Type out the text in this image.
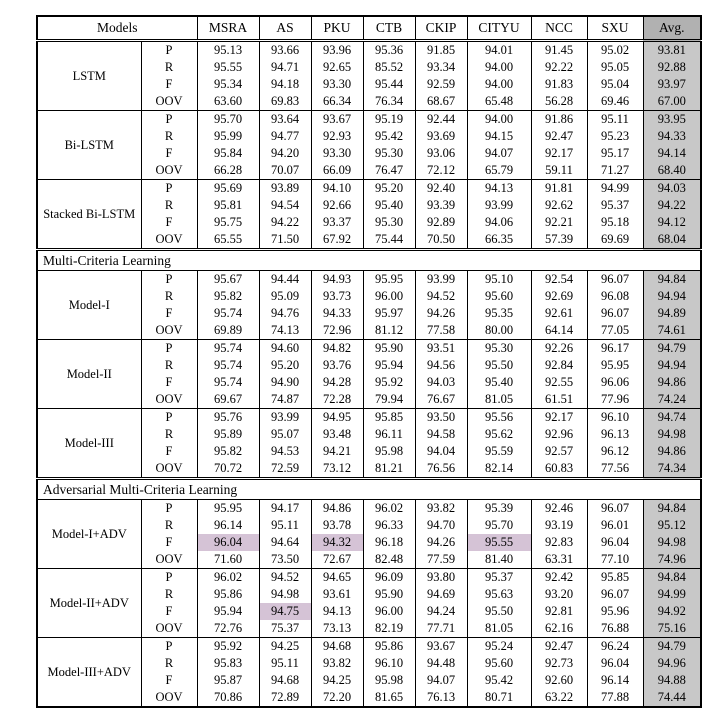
Models		MSRA	AS	PKU	CTB	CKIP	CITYU	NCC	SXU	Avg.
LSTM	P	95.13	93.66	93.96	95.36	91.85	94.01	91.45	95.02	93.81
	R	95.55	94.71	92.65	85.52	93.34	94.00	92.22	95.05	92.88
	F	95.34	94.18	93.30	95.44	92.59	94.00	91.83	95.04	93.97
	OOV	63.60	69.83	66.34	76.34	68.67	65.48	56.28	69.46	67.00
Bi-LSTM	P	95.70	93.64	93.67	95.19	92.44	94.00	91.86	95.11	93.95
	R	95.99	94.77	92.93	95.42	93.69	94.15	92.47	95.23	94.33
	F	95.84	94.20	93.30	95.30	93.06	94.07	92.17	95.17	94.14
	OOV	66.28	70.07	66.09	76.47	72.12	65.79	59.11	71.27	68.40
Stacked Bi-LSTM	P	95.69	93.89	94.10	95.20	92.40	94.13	91.81	94.99	94.03
	R	95.81	94.54	92.66	95.40	93.39	93.99	92.62	95.37	94.22
	F	95.75	94.22	93.37	95.30	92.89	94.06	92.21	95.18	94.12
	OOV	65.55	71.50	67.92	75.44	70.50	66.35	57.39	69.69	68.04
Multi-Criteria Learning										
Model-I	P	95.67	94.44	94.93	95.95	93.99	95.10	92.54	96.07	94.84
	R	95.82	95.09	93.73	96.00	94.52	95.60	92.69	96.08	94.94
	F	95.74	94.76	94.33	95.97	94.26	95.35	92.61	96.07	94.89
	OOV	69.89	74.13	72.96	81.12	77.58	80.00	64.14	77.05	74.61
Model-II	P	95.74	94.60	94.82	95.90	93.51	95.30	92.26	96.17	94.79
	R	95.74	95.20	93.76	95.94	94.56	95.50	92.84	95.95	94.94
	F	95.74	94.90	94.28	95.92	94.03	95.40	92.55	96.06	94.86
	OOV	69.67	74.87	72.28	79.94	76.67	81.05	61.51	77.96	74.24
Model-III	P	95.76	93.99	94.95	95.85	93.50	95.56	92.17	96.10	94.74
	R	95.89	95.07	93.48	96.11	94.58	95.62	92.96	96.13	94.98
	F	95.82	94.53	94.21	95.98	94.04	95.59	92.57	96.12	94.86
	OOV	70.72	72.59	73.12	81.21	76.56	82.14	60.83	77.56	74.34
Adversarial Multi-Criteria Learning										
Model-I+ADV	P	95.95	94.17	94.86	96.02	93.82	95.39	92.46	96.07	94.84
	R	96.14	95.11	93.78	96.33	94.70	95.70	93.19	96.01	95.12
	F	96.04	94.64	94.32	96.18	94.26	95.55	92.83	96.04	94.98
	OOV	71.60	73.50	72.67	82.48	77.59	81.40	63.31	77.10	74.96
Model-II+ADV	P	96.02	94.52	94.65	96.09	93.80	95.37	92.42	95.85	94.84
	R	95.86	94.98	93.61	95.90	94.69	95.63	93.20	96.07	94.99
	F	95.94	94.75	94.13	96.00	94.24	95.50	92.81	95.96	94.92
	OOV	72.76	75.37	73.13	82.19	77.71	81.05	62.16	76.88	75.16
Model-III+ADV	P	95.92	94.25	94.68	95.86	93.67	95.24	92.47	96.24	94.79
	R	95.83	95.11	93.82	96.10	94.48	95.60	92.73	96.04	94.96
	F	95.87	94.68	94.25	95.98	94.07	95.42	92.60	96.14	94.88
	OOV	70.86	72.89	72.20	81.65	76.13	80.71	63.22	77.88	74.44
